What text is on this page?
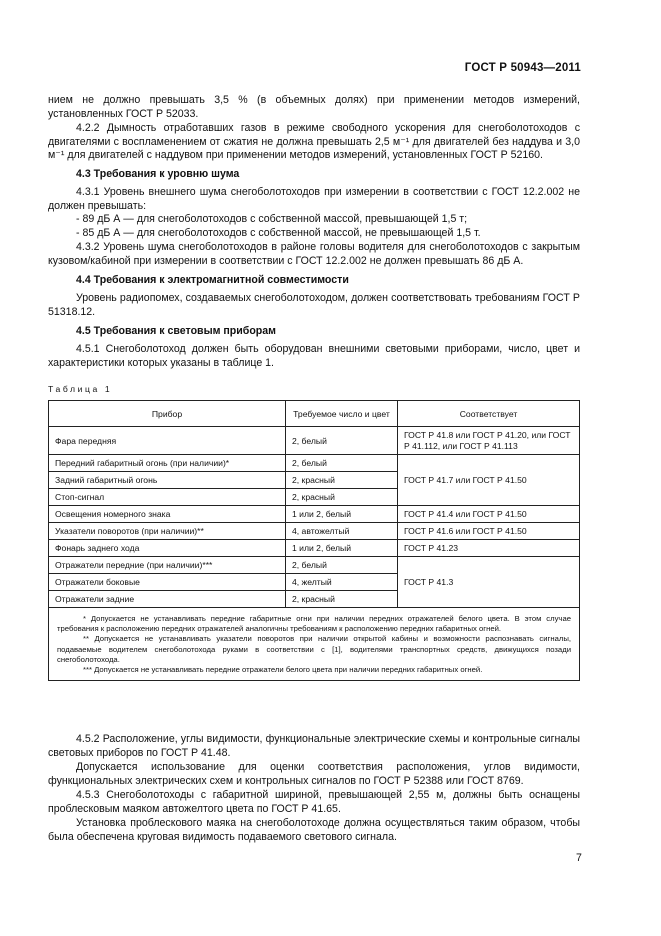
ГОСТ Р 50943—2011
нием не должно превышать 3,5 % (в объемных долях) при применении методов измерений, установленных ГОСТ Р 52033.
4.2.2 Дымность отработавших газов в режиме свободного ускорения для снегоболотоходов с двигателями с воспламенением от сжатия не должна превышать 2,5 м⁻¹ для двигателей без наддува и 3,0 м⁻¹ для двигателей с наддувом при применении методов измерений, установленных ГОСТ Р 52160.
4.3 Требования к уровню шума
4.3.1 Уровень внешнего шума снегоболотоходов при измерении в соответствии с ГОСТ 12.2.002 не должен превышать:
- 89 дБ А — для снегоболотоходов с собственной массой, превышающей 1,5 т;
- 85 дБ А — для снегоболотоходов с собственной массой, не превышающей 1,5 т.
4.3.2 Уровень шума снегоболотоходов в районе головы водителя для снегоболотоходов с закрытым кузовом/кабиной при измерении в соответствии с ГОСТ 12.2.002 не должен превышать 86 дБ А.
4.4 Требования к электромагнитной совместимости
Уровень радиопомех, создаваемых снегоболотоходом, должен соответствовать требованиям ГОСТ Р 51318.12.
4.5 Требования к световым приборам
4.5.1 Снегоболотоход должен быть оборудован внешними световыми приборами, число, цвет и характеристики которых указаны в таблице 1.
Таблица 1
Прибор	Требуемое число и цвет	Соответствует
Фара передняя	2, белый	ГОСТ Р 41.8 или ГОСТ Р 41.20, или ГОСТ Р 41.112, или ГОСТ Р 41.113
Передний габаритный огонь (при наличии)*	2, белый	ГОСТ Р 41.7 или ГОСТ Р 41.50
Задний габаритный огонь	2, красный	
Стоп-сигнал	2, красный	
Освещения номерного знака	1 или 2, белый	ГОСТ Р 41.4 или ГОСТ Р 41.50
Указатели поворотов (при наличии)**	4, автожелтый	ГОСТ Р 41.6 или ГОСТ Р 41.50
Фонарь заднего хода	1 или 2, белый	ГОСТ Р 41.23
Отражатели передние (при наличии)***	2, белый	ГОСТ Р 41.3
Отражатели боковые	4, желтый	
Отражатели задние	2, красный	

* Допускается не устанавливать передние габаритные огни при наличии передних отражателей белого цвета. В этом случае требования к расположению передних отражателей аналогичны требованиям к расположению передних габаритных огней.

** Допускается не устанавливать указатели поворотов при наличии открытой кабины и возможности распознавать сигналы, подаваемые водителем снегоболотохода руками в соответствии с [1], водителями транспортных средств, движущихся позади снегоболотохода.

*** Допускается не устанавливать передние отражатели белого цвета при наличии передних габаритных огней.		

4.5.2 Расположение, углы видимости, функциональные электрические схемы и контрольные сигналы световых приборов по ГОСТ Р 41.48.
Допускается использование для оценки соответствия расположения, углов видимости, функциональных электрических схем и контрольных сигналов по ГОСТ Р 52388 или ГОСТ 8769.
4.5.3 Снегоболотоходы с габаритной шириной, превышающей 2,55 м, должны быть оснащены проблесковым маяком автожелтого цвета по ГОСТ Р 41.65.
Установка проблескового маяка на снегоболотоходе должна осуществляться таким образом, чтобы была обеспечена круговая видимость подаваемого светового сигнала.
7
